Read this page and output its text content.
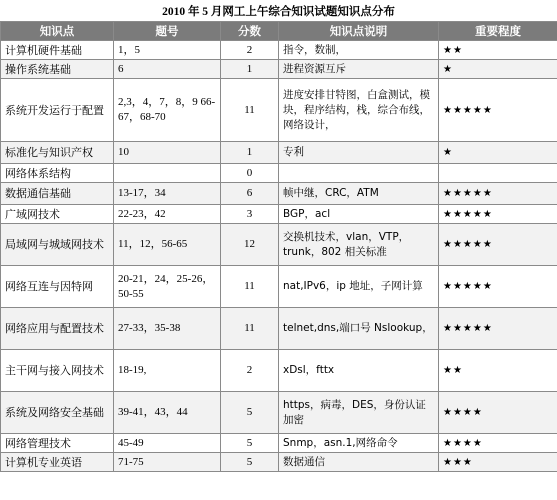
2010 年 5 月网工上午综合知识试题知识点分布
知识点	题号	分数	知识点说明	重要程度
计算机硬件基础	1，5	2	指令，数制，	★★
操作系统基础	6	1	进程资源互斥	★
系统开发运行于配置	2,3，4，7，8，9 66-67，68-70	11	进度安排甘特图，白盒测试，模块，程序结构，栈，综合布线，网络设计，	★★★★★
标准化与知识产权	10	1	专利	★
网络体系结构		0		
数据通信基础	13-17，34	6	帧中继，CRC，ATM	★★★★★
广域网技术	22-23，42	3	BGP，acl	★★★★★
局域网与城域网技术	11，12，56-65	12	交换机技术，vlan，VTP，trunk，802 相关标准	★★★★★
网络互连与因特网	20-21，24，25-26，50-55	11	nat,IPv6，ip 地址，子网计算	★★★★★
网络应用与配置技术	27-33，35-38	11	telnet,dns,端口号 Nslookup，	★★★★★
主干网与接入网技术	18-19,	2	xDsl，fttx	★★
系统及网络安全基础	39-41，43，44	5	https，病毒，DES，身份认证加密	★★★★
网络管理技术	45-49	5	Snmp，asn.1,网络命令	★★★★
计算机专业英语	71-75	5	数据通信	★★★
